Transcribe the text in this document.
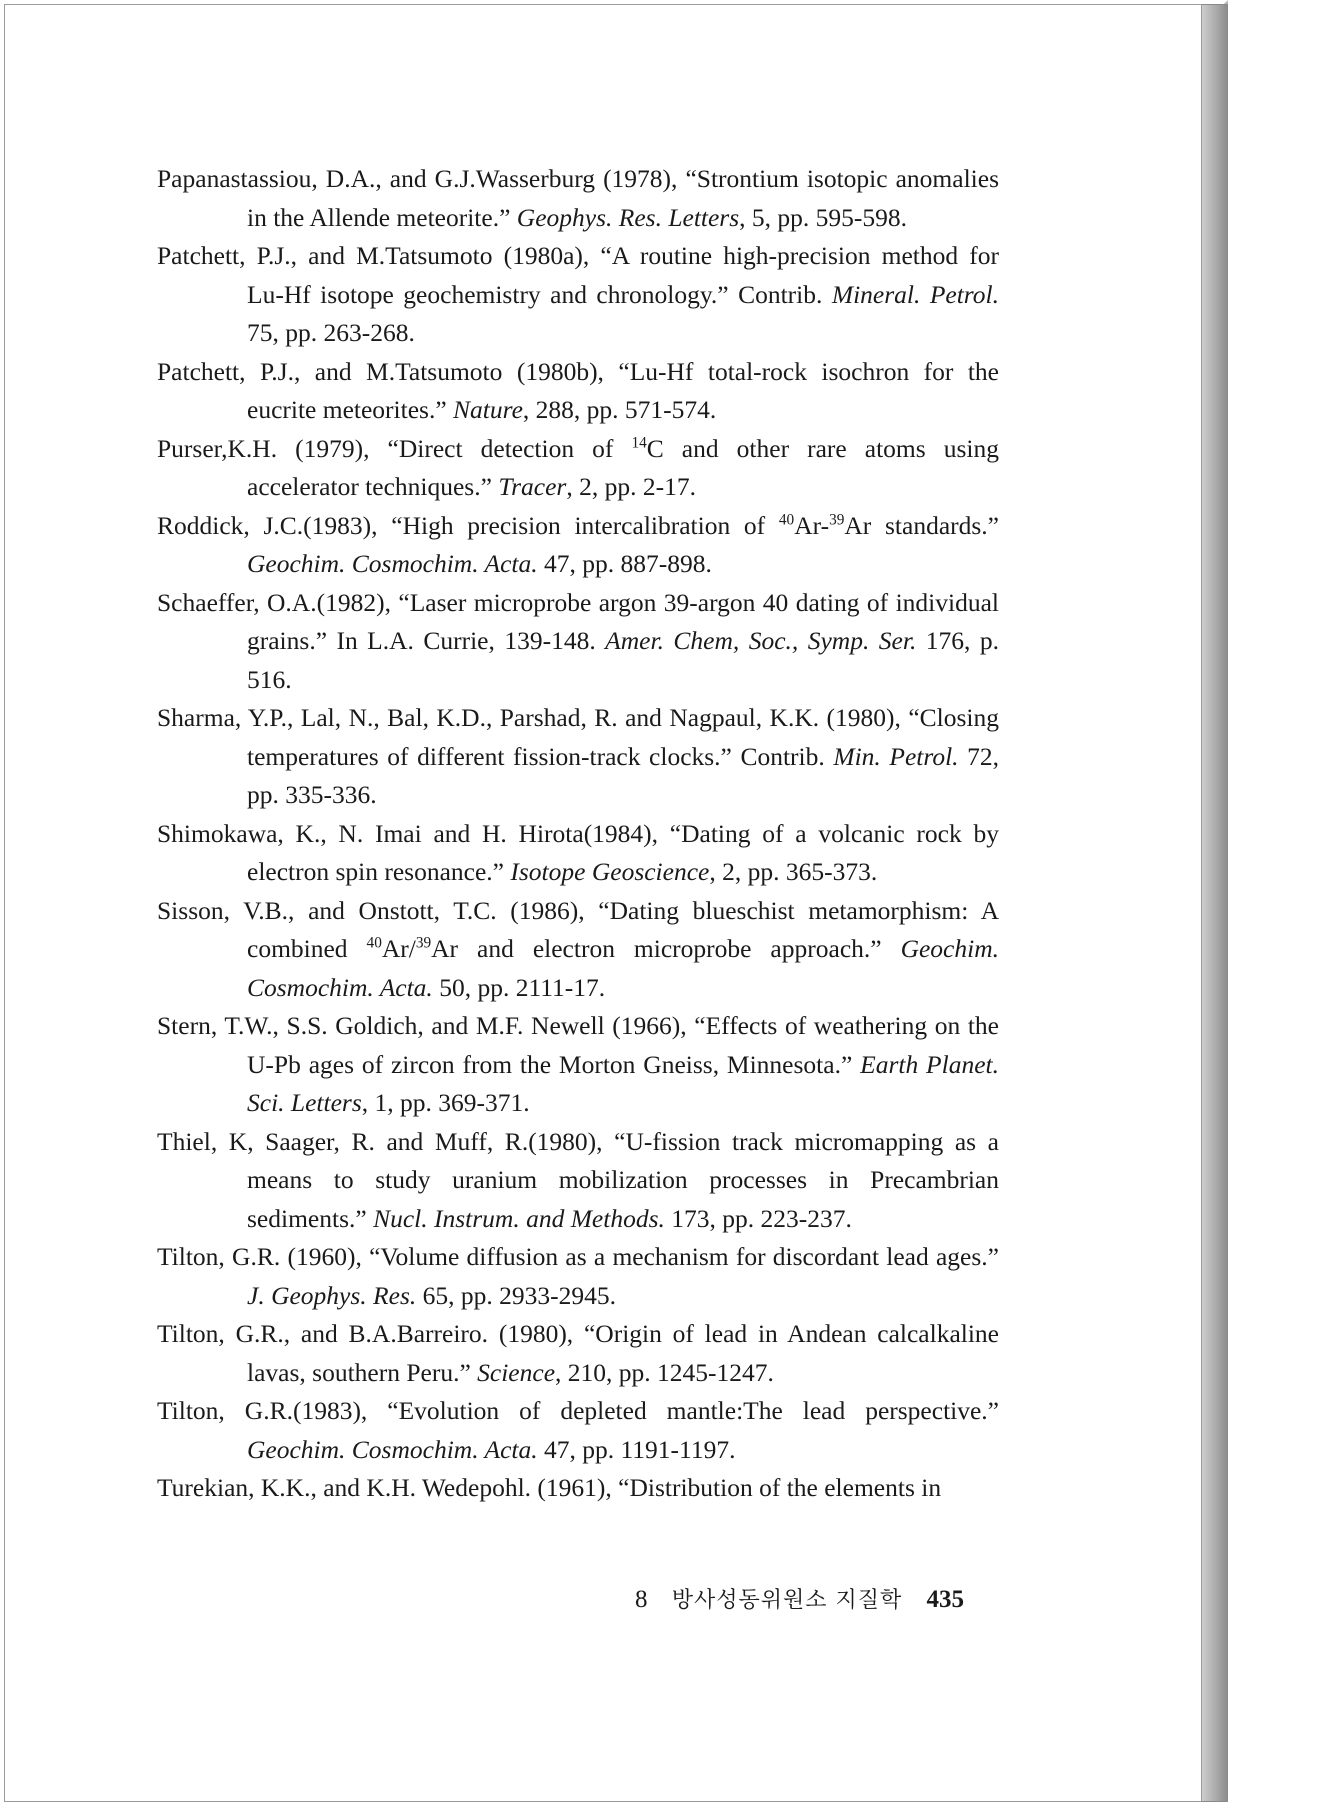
Papanastassiou, D.A., and G.J.Wasserburg (1978), “Strontium isotopic anomalies in the Allende meteorite.” Geophys. Res. Letters, 5, pp. 595-598.

Patchett, P.J., and M.Tatsumoto (1980a), “A routine high-precision method for Lu-Hf isotope geochemistry and chronology.” Contrib. Mineral. Petrol. 75, pp. 263-268.

Patchett, P.J., and M.Tatsumoto (1980b), “Lu-Hf total-rock isochron for the eucrite meteorites.” Nature, 288, pp. 571-574.

Purser,K.H. (1979), “Direct detection of $^{14}$C and other rare atoms using accelerator techniques.” Tracer, 2, pp. 2-17.

Roddick, J.C.(1983), “High precision intercalibration of $^{40}$Ar-$^{39}$Ar standards.” Geochim. Cosmochim. Acta. 47, pp. 887-898.

Schaeffer, O.A.(1982), “Laser microprobe argon 39-argon 40 dating of individual grains.” In L.A. Currie, 139-148. Amer. Chem, Soc., Symp. Ser. 176, p. 516.

Sharma, Y.P., Lal, N., Bal, K.D., Parshad, R. and Nagpaul, K.K. (1980), “Closing temperatures of different fission-track clocks.” Contrib. Min. Petrol. 72, pp. 335-336.

Shimokawa, K., N. Imai and H. Hirota(1984), “Dating of a volcanic rock by electron spin resonance.” Isotope Geoscience, 2, pp. 365-373.

Sisson, V.B., and Onstott, T.C. (1986), “Dating blueschist metamorphism: A combined $^{40}$Ar/$^{39}$Ar and electron microprobe approach.” Geochim. Cosmochim. Acta. 50, pp. 2111-17.

Stern, T.W., S.S. Goldich, and M.F. Newell (1966), “Effects of weathering on the U-Pb ages of zircon from the Morton Gneiss, Minnesota.” Earth Planet. Sci. Letters, 1, pp. 369-371.

Thiel, K, Saager, R. and Muff, R.(1980), “U-fission track micromapping as a means to study uranium mobilization processes in Precambrian sediments.” Nucl. Instrum. and Methods. 173, pp. 223-237.

Tilton, G.R. (1960), “Volume diffusion as a mechanism for discordant lead ages.” J. Geophys. Res. 65, pp. 2933-2945.

Tilton, G.R., and B.A.Barreiro. (1980), “Origin of lead in Andean calcalkaline lavas, southern Peru.” Science, 210, pp. 1245-1247.

Tilton, G.R.(1983), “Evolution of depleted mantle:The lead perspective.” Geochim. Cosmochim. Acta. 47, pp. 1191-1197.

Turekian, K.K., and K.H. Wedepohl. (1961), “Distribution of the elements in

8 방사성동위원소 지질학 435
